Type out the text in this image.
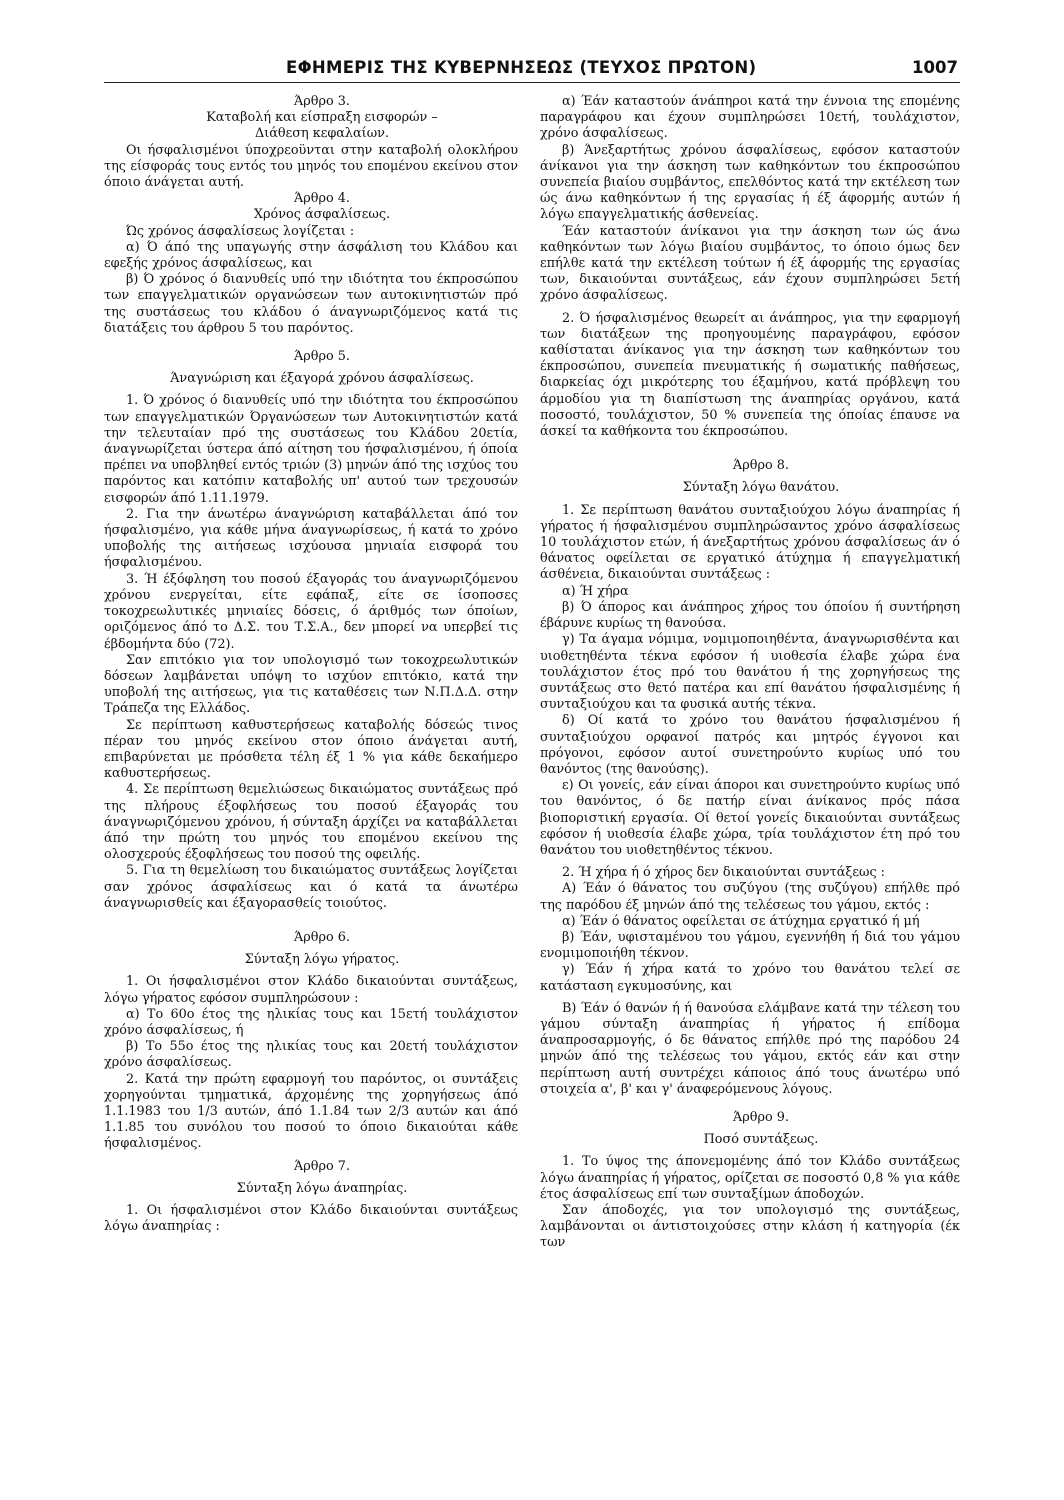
ΕΦΗΜΕΡΙΣ ΤΗΣ ΚΥΒΕΡΝΗΣΕΩΣ (ΤΕΥΧΟΣ ΠΡΩΤΟΝ)	1007

Άρθρο 3.

Καταβολή και είσπραξη εισφορών –

Διάθεση κεφαλαίων.

Οι ήσφαλισμένοι ύποχρεοϋνται στην καταβολή ολοκλήρου της είσφοράς τους εντός του μηνός του επομένου εκείνου στον όποιο άνάγεται αυτή.

Άρθρο 4.

Χρόνος άσφαλίσεως.

Ώς χρόνος άσφαλίσεως λογίζεται :

α) Ό άπό της υπαγωγής στην άσφάλιση του Κλάδου και εφεξής χρόνος άσφαλίσεως, και

β) Ό χρόνος ό διανυθείς υπό την ιδιότητα του έκπροσώπου των επαγγελματικών οργανώσεων των αυτοκινητιστών πρό της συστάσεως του κλάδου ό άναγνωριζόμενος κατά τις διατάξεις του άρθρου 5 του παρόντος.

Άρθρο 5.

Άναγνώριση και έξαγορά χρόνου άσφαλίσεως.

1. Ό χρόνος ό διανυθείς υπό την ιδιότητα του έκπροσώπου των επαγγελματικών Όργανώσεων των Αυτοκινητιστών κατά την τελευταίαν πρό της συστάσεως του Κλάδου 20ετία, άναγνωρίζεται ύστερα άπό αίτηση του ήσφαλισμένου, ή όποία πρέπει να υποβληθεί εντός τριών (3) μηνών άπό της ισχύος του παρόντος και κατόπιν καταβολής υπ' αυτού των τρεχουσών εισφορών άπό 1.11.1979.

2. Για την άνωτέρω άναγνώριση καταβάλλεται άπό τον ήσφαλισμένο, για κάθε μήνα άναγνωρίσεως, ή κατά το χρόνο υποβολής της αιτήσεως ισχύουσα μηνιαία εισφορά του ήσφαλισμένου.

3. Ή έξόφληση του ποσού έξαγοράς του άναγνωριζόμενου χρόνου ενεργείται, είτε εφάπαξ, είτε σε ίσοποσες τοκοχρεωλυτικές μηνιαίες δόσεις, ό άριθμός των όποίων, οριζόμενος άπό το Δ.Σ. του Τ.Σ.Α., δεν μπορεί να υπερβεί τις έβδομήντα δύο (72).

Σαν επιτόκιο για τον υπολογισμό των τοκοχρεωλυτικών δόσεων λαμβάνεται υπόψη το ισχύον επιτόκιο, κατά την υποβολή της αιτήσεως, για τις καταθέσεις των Ν.Π.Δ.Δ. στην Τράπεζα της Ελλάδος.

Σε περίπτωση καθυστερήσεως καταβολής δόσεώς τινος πέραν του μηνός εκείνου στον όποιο άνάγεται αυτή, επιβαρύνεται με πρόσθετα τέλη έξ 1 % για κάθε δεκαήμερο καθυστερήσεως.

4. Σε περίπτωση θεμελιώσεως δικαιώματος συντάξεως πρό της πλήρους έξοφλήσεως του ποσού έξαγοράς του άναγνωριζόμενου χρόνου, ή σύνταξη άρχίζει να καταβάλλεται άπό την πρώτη του μηνός του επομένου εκείνου της ολοσχερούς έξοφλήσεως του ποσού της οφειλής.

5. Για τη θεμελίωση του δικαιώματος συντάξεως λογίζεται σαν χρόνος άσφαλίσεως και ό κατά τα άνωτέρω άναγνωρισθείς και έξαγορασθείς τοιούτος.

Άρθρο 6.

Σύνταξη λόγω γήρατος.

1. Οι ήσφαλισμένοι στον Κλάδο δικαιούνται συντάξεως, λόγω γήρατος εφόσον συμπληρώσουν :

α) Το 60ο έτος της ηλικίας τους και 15ετή τουλάχιστον χρόνο άσφαλίσεως, ή

β) Το 55ο έτος της ηλικίας τους και 20ετή τουλάχιστον χρόνο άσφαλίσεως.

2. Κατά την πρώτη εφαρμογή του παρόντος, οι συντάξεις χορηγούνται τμηματικά, άρχομένης της χορηγήσεως άπό 1.1.1983 του 1/3 αυτών, άπό 1.1.84 των 2/3 αυτών και άπό 1.1.85 του συνόλου του ποσού το όποιο δικαιούται κάθε ήσφαλισμένος.

Άρθρο 7.

Σύνταξη λόγω άναπηρίας.

1. Οι ήσφαλισμένοι στον Κλάδο δικαιούνται συντάξεως λόγω άναπηρίας :

α) Έάν καταστούν άνάπηροι κατά την έννοια της επομένης παραγράφου και έχουν συμπληρώσει 10ετή, τουλάχιστον, χρόνο άσφαλίσεως.

β) Άνεξαρτήτως χρόνου άσφαλίσεως, εφόσον καταστούν άνίκανοι για την άσκηση των καθηκόντων του έκπροσώπου συνεπεία βιαίου συμβάντος, επελθόντος κατά την εκτέλεση των ώς άνω καθηκόντων ή της εργασίας ή έξ άφορμής αυτών ή λόγω επαγγελματικής άσθενείας.

Έάν καταστούν άνίκανοι για την άσκηση των ώς άνω καθηκόντων των λόγω βιαίου συμβάντος, το όποιο όμως δεν επήλθε κατά την εκτέλεση τούτων ή έξ άφορμής της εργασίας των, δικαιούνται συντάξεως, εάν έχουν συμπληρώσει 5ετή χρόνο άσφαλίσεως.

2. Ό ήσφαλισμένος θεωρείτ αι άνάπηρος, για την εφαρμογή των διατάξεων της προηγουμένης παραγράφου, εφόσον καθίσταται άνίκανος για την άσκηση των καθηκόντων του έκπροσώπου, συνεπεία πνευματικής ή σωματικής παθήσεως, διαρκείας όχι μικρότερης του έξαμήνου, κατά πρόβλεψη του άρμοδίου για τη διαπίστωση της άναπηρίας οργάνου, κατά ποσοστό, τουλάχιστον, 50 % συνεπεία της όποίας έπαυσε να άσκεί τα καθήκοντα του έκπροσώπου.

Άρθρο 8.

Σύνταξη λόγω θανάτου.

1. Σε περίπτωση θανάτου συνταξιούχου λόγω άναπηρίας ή γήρατος ή ήσφαλισμένου συμπληρώσαντος χρόνο άσφαλίσεως 10 τουλάχιστον ετών, ή άνεξαρτήτως χρόνου άσφαλίσεως άν ό θάνατος οφείλεται σε εργατικό άτύχημα ή επαγγελματική άσθένεια, δικαιούνται συντάξεως :

α) Ή χήρα

β) Ό άπορος και άνάπηρος χήρος του όποίου ή συντήρηση έβάρυνε κυρίως τη θανούσα.

γ) Τα άγαμα νόμιμα, νομιμοποιηθέντα, άναγνωρισθέντα και υιοθετηθέντα τέκνα εφόσον ή υιοθεσία έλαβε χώρα ένα τουλάχιστον έτος πρό του θανάτου ή της χορηγήσεως της συντάξεως στο θετό πατέρα και επί θανάτου ήσφαλισμένης ή συνταξιούχου και τα φυσικά αυτής τέκνα.

δ) Οί κατά το χρόνο του θανάτου ήσφαλισμένου ή συνταξιούχου ορφανοί πατρός και μητρός έγγονοι και πρόγονοι, εφόσον αυτοί συνετηρούντο κυρίως υπό του θανόντος (της θανούσης).

ε) Οι γονείς, εάν είναι άποροι και συνετηρούντο κυρίως υπό του θανόντος, ό δε πατήρ είναι άνίκανος πρός πάσα βιοποριστική εργασία. Οί θετοί γονείς δικαιούνται συντάξεως εφόσον ή υιοθεσία έλαβε χώρα, τρία τουλάχιστον έτη πρό του θανάτου του υιοθετηθέντος τέκνου.

2. Ή χήρα ή ό χήρος δεν δικαιούνται συντάξεως :

Α) Έάν ό θάνατος του συζύγου (της συζύγου) επήλθε πρό της παρόδου έξ μηνών άπό της τελέσεως του γάμου, εκτός :

α) Έάν ό θάνατος οφείλεται σε άτύχημα εργατικό ή μή

β) Έάν, υφισταμένου του γάμου, εγεννήθη ή διά του γάμου ενομιμοποιήθη τέκνον.

γ) Έάν ή χήρα κατά το χρόνο του θανάτου τελεί σε κατάσταση εγκυμοσύνης, και

Β) Έάν ό θανών ή ή θανούσα ελάμβανε κατά την τέλεση του γάμου σύνταξη άναπηρίας ή γήρατος ή επίδομα άναπροσαρμογής, ό δε θάνατος επήλθε πρό της παρόδου 24 μηνών άπό της τελέσεως του γάμου, εκτός εάν και στην περίπτωση αυτή συντρέχει κάποιος άπό τους άνωτέρω υπό στοιχεία α', β' και γ' άναφερόμενους λόγους.

Άρθρο 9.

Ποσό συντάξεως.

1. Το ύψος της άπονεμομένης άπό τον Κλάδο συντάξεως λόγω άναπηρίας ή γήρατος, ορίζεται σε ποσοστό 0,8 % για κάθε έτος άσφαλίσεως επί των συνταξίμων άποδοχών.

Σαν άποδοχές, για τον υπολογισμό της συντάξεως, λαμβάνονται οι άντιστοιχούσες στην κλάση ή κατηγορία (έκ των
